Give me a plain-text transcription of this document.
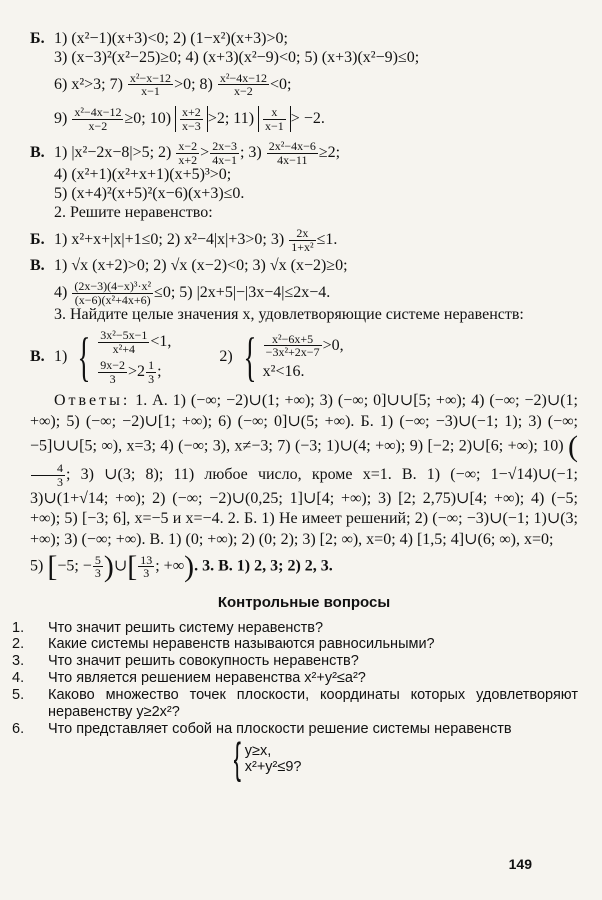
Б. 1) (x²−1)(x+3)<0; 2) (1−x²)(x+3)>0;
3) (x−3)²(x²−25)≥0; 4) (x+3)(x²−9)<0; 5) (x+3)(x²−9)≤0;
6) x²>3; $7) \frac{\text{x²−x−12}}{x-1} >0$; $8) \frac{\text{x²−4x−12}}{x-2} <0$;
$9) \frac{\text{x²−4x−12}}{x-2} \ge 0$; $10) \frac{x+2}{x-3} >2$; $11) \frac{x}{x-1} > -2$.
В. 1) |x²−2x−8|>5; $2) \frac{x-2}{x+2} > \frac{2x-3}{4x-1}$ ; $3) \frac{\text{2x²−4x−6}}{4x-11} \ge 2$;
4) (x²+1)(x²+x+1)(x+5)³>0;
5) (x+4)²(x+5)²(x−6)(x+3)≤0.
2. Решите неравенство:
Б. 1) x²+x+|x|+1≤0; 2) x²−4|x|+3>0; $3) \frac{2x}{\text{1+x²}} \le 1$.
В. 1) √x (x+2)>0; 2) √x (x−2)<0; 3) √x (x−2)≥0;
$4) \frac{\text{(2x−3)(4−x)³·x²}}{\text{(x−6)(x²+4x+6)}} \le 0$; 5) |2x+5|−|3x−4|≤2x−4.
3. Найдите целые значения x, удовлетворяющие системе неравенств:
В. 1) { $\frac{\text{3x²−5x−1}}{\text{x²+4}} <1$,
$\frac{9x-2}{3} >2 \frac{1}{3}$ ;
2) { $\frac{\text{x²−6x+5}}{\text{−3x²+2x−7}} >0$,
x²<16.
Ответы: 1. А. 1) (−∞; −2)∪(1; +∞); 3) (−∞; 0]∪∪[5; +∞); 4) (−∞; −2)∪(1; +∞); 5) (−∞; −2)∪[1; +∞); 6) (−∞; 0]∪(5; +∞). Б. 1) (−∞; −3)∪(−1; 1); 3) (−∞; −5]∪∪[5; ∞), x=3; 4) (−∞; 3), x≠−3; 7) (−3; 1)∪(4; +∞); 9) [−2; 2)∪[6; +∞); 10) (
$\frac{4}{3}$ ; 3) ∪(3; 8); 11) любое число, кроме x=1. В. 1) (−∞; 1−√14)∪(−1; 3)∪(1+√14; +∞); 2) (−∞; −2)∪(0,25; 1]∪[4; +∞); 3) [2; 2,75)∪[4; +∞); 4) (−5; +∞); 5) [−3; 6], x=−5 и x=−4. 2. Б. 1) Не имеет решений; 2) (−∞; −3)∪(−1; 1)∪(3; +∞); 3) (−∞; +∞). В. 1) (0; +∞); 2) (0; 2); 3) [2; ∞), x=0; 4) [1,5; 4]∪(6; ∞), x=0;
5) [−5; − $\frac{5}{3}$ )∪[ $\frac{13}{3}$ ; +∞). 3. В. 1) 2, 3; 2) 2, 3.
Контрольные вопросы
1. Что значит решить систему неравенств?
2. Какие системы неравенств называются равносильными?
3. Что значит решить совокупность неравенств?
4. Что является решением неравенства x²+y²≤a²?
5. Каково множество точек плоскости, координаты которых удовлетворяют неравенству y≥2x²?
6. Что представляет собой на плоскости решение системы неравенств
{ y≥x,
x²+y²≤9?
149
